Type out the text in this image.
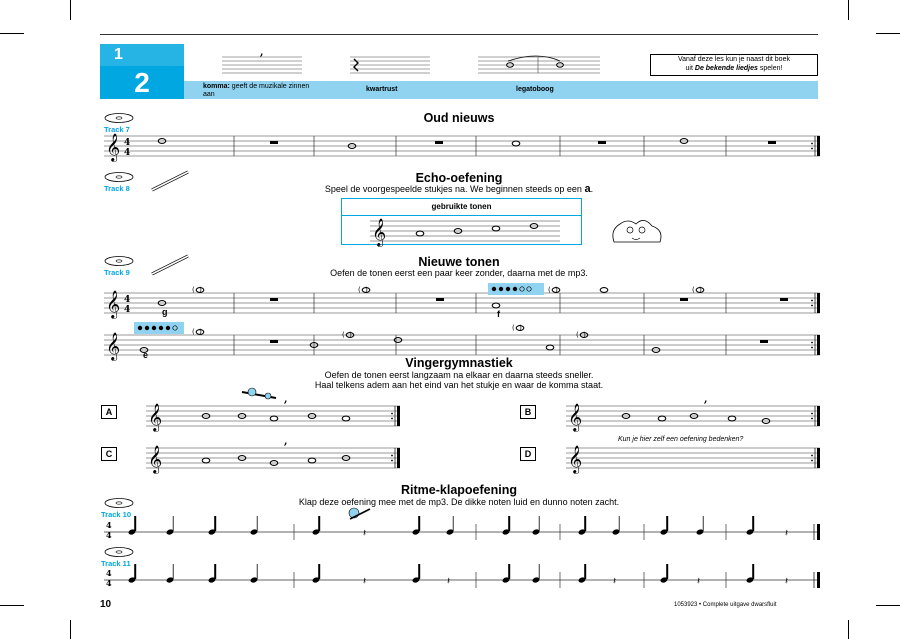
1
2	komma: geeft de muzikale zinnen aan
kwartrust	legatoboog
,
Vanaf deze les kun je naast dit boek
uit De bekende liedjes spelen!
Oud nieuws
Track 7
𝄞 4
4
Echo-oefening
Speel de voorgespeelde stukjes na. We beginnen steeds op een a.
Track 8
gebruikte tonen
𝄞
Nieuwe tonen
Oefen de tonen eerst een paar keer zonder, daarna met de mp3.
Track 9
𝄞 4
4
(  )	(  )	(  )	(  )
𝄞	(  )	(  )
(  )
(  )
g	f
e
Vingergymnastiek
Oefen de tonen eerst langzaam na elkaar en daarna steeds sneller.
Haal telkens adem aan het eind van het stukje en waar de komma staat.
A	B
C	D
Kun je hier zelf een oefening bedenken?
𝄞
,
𝄞
,
𝄞
,
𝄞
Ritme-klapoefening
Klap deze oefening mee met de mp3. De dikke noten luid en dunno noten zacht.
Track 10
Track 11
4
4	𝄽	𝄽
4
4	𝄽	𝄽	𝄽	𝄽	𝄽
10	1053923 • Complete uitgave dwarsfluit
